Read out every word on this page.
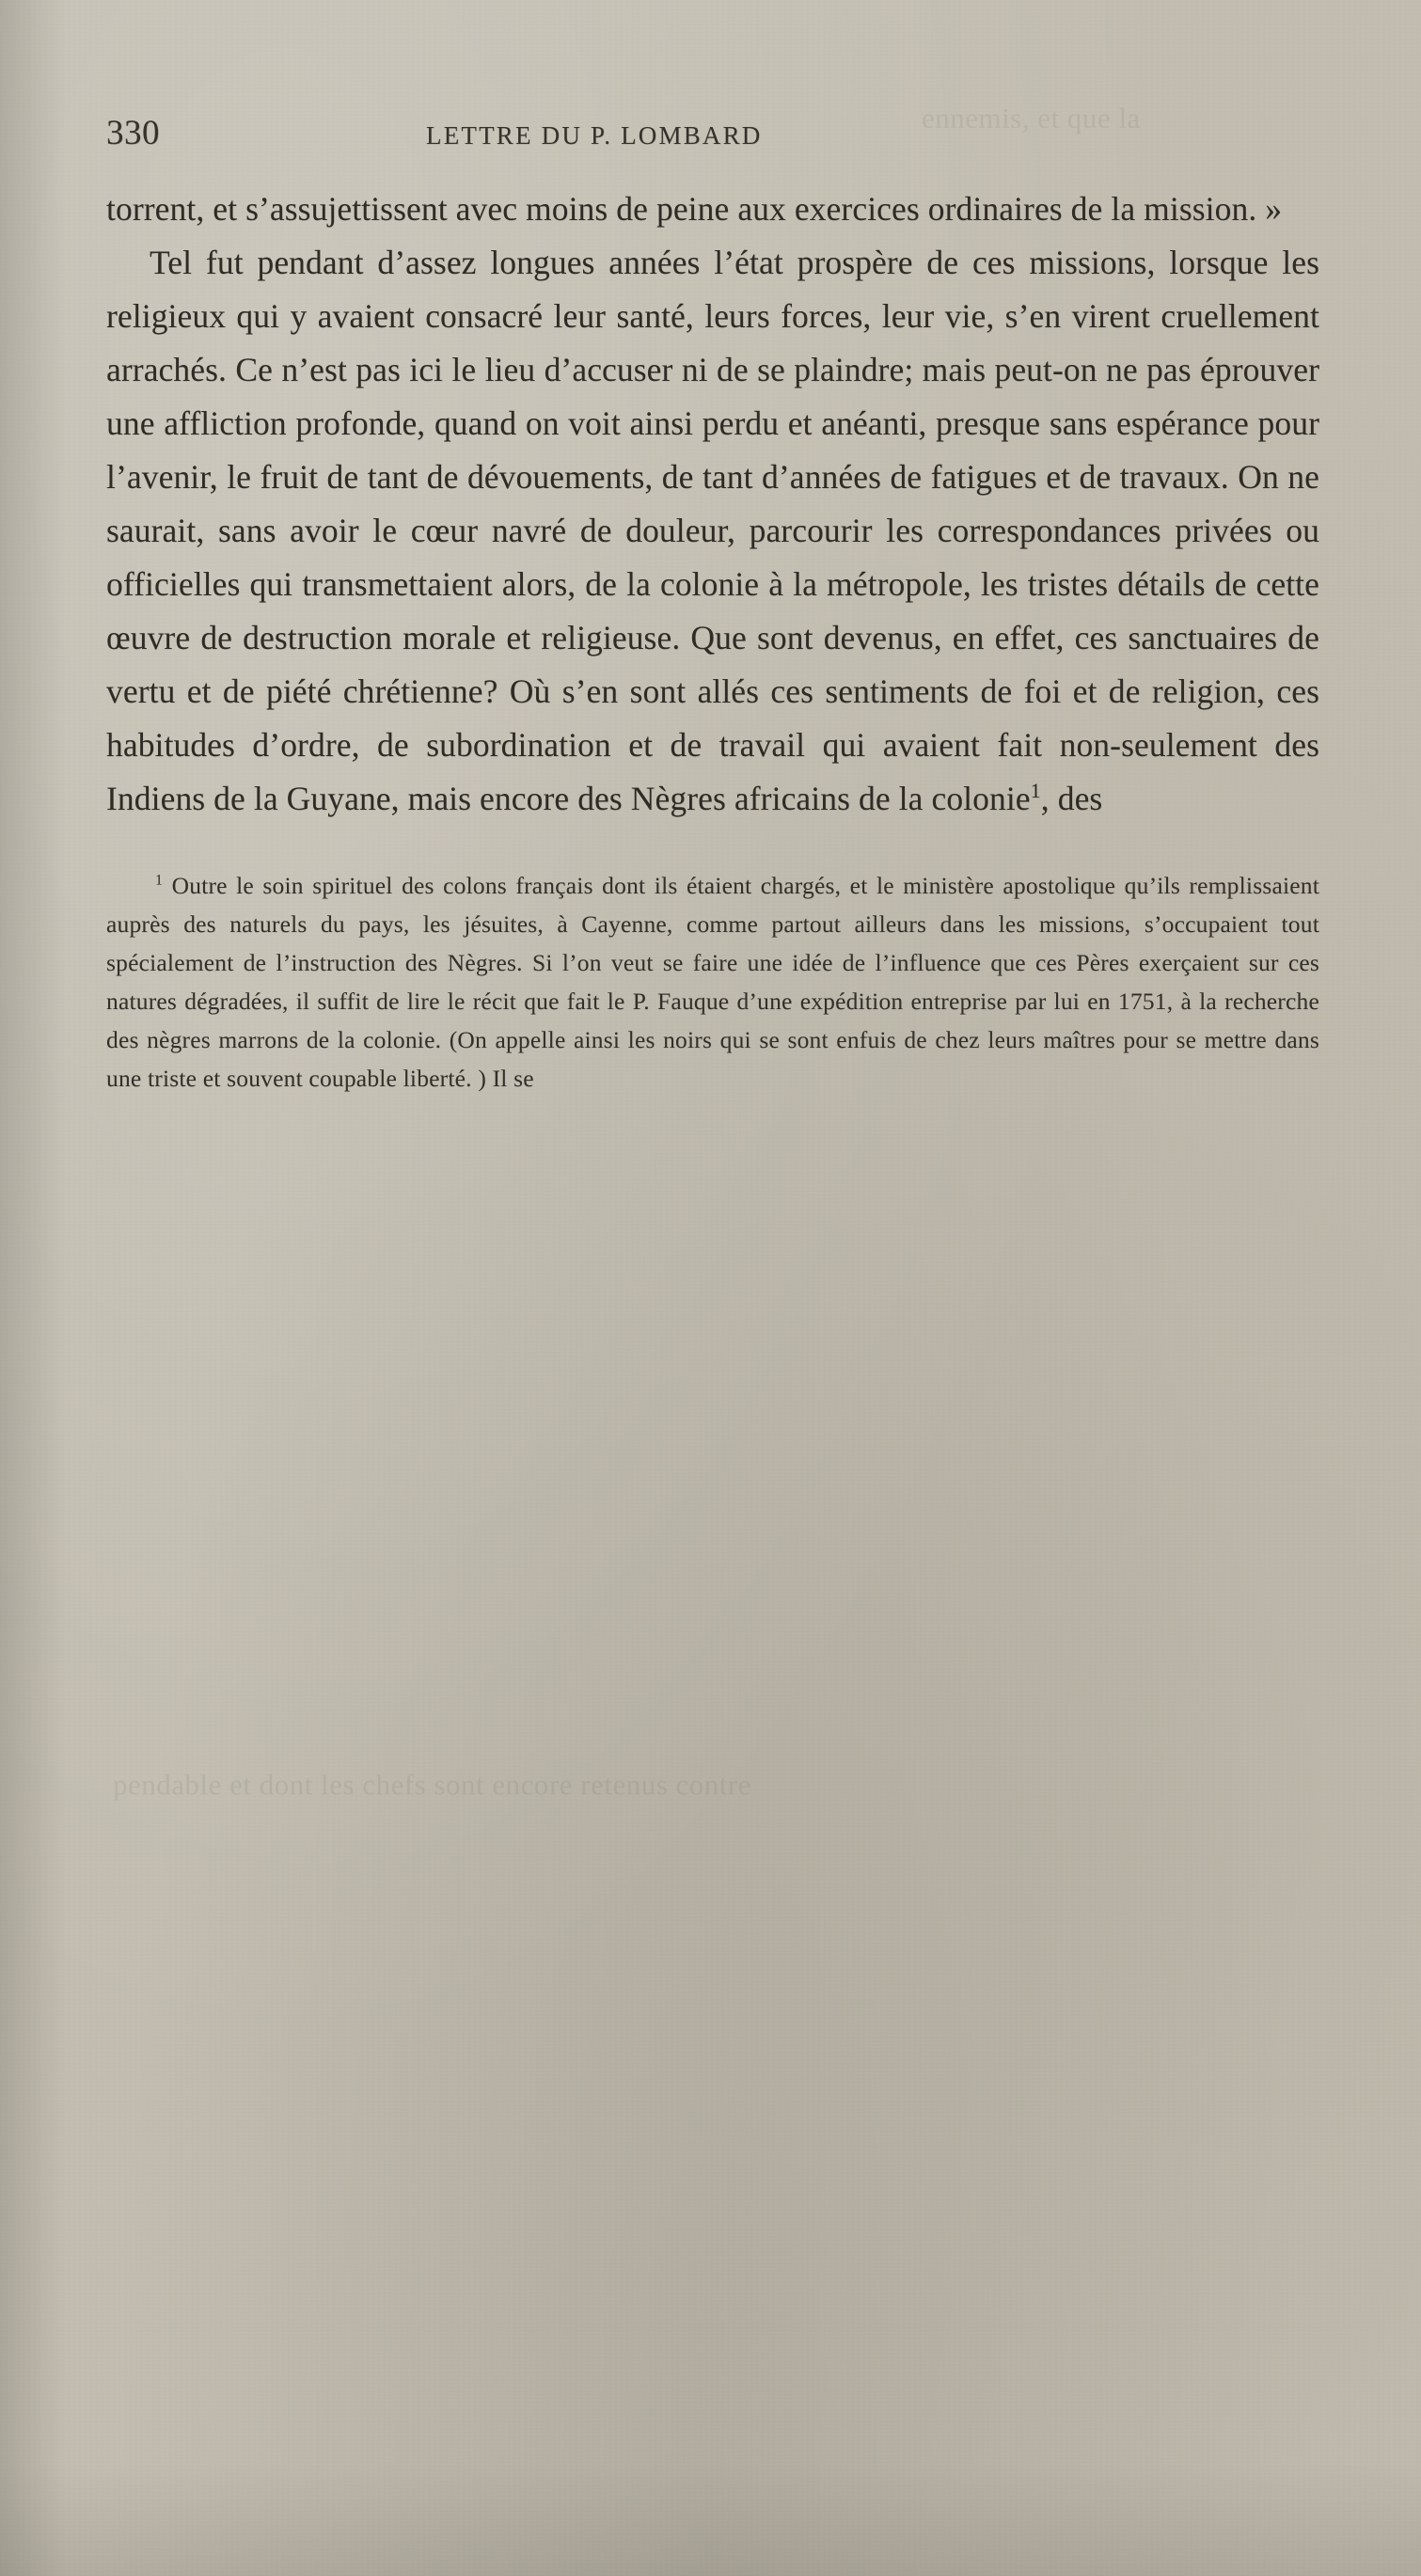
ennemis, et que la
pendable et dont les chefs sont encore retenus contre
330	LETTRE DU P. LOMBARD

torrent, et s’assujettissent avec moins de peine aux exercices ordinaires de la mission. »

Tel fut pendant d’assez longues années l’état prospère de ces missions, lorsque les religieux qui y avaient consacré leur santé, leurs forces, leur vie, s’en virent cruellement arrachés. Ce n’est pas ici le lieu d’accuser ni de se plaindre; mais peut-on ne pas éprouver une affliction profonde, quand on voit ainsi perdu et anéanti, presque sans espérance pour l’avenir, le fruit de tant de dévouements, de tant d’années de fatigues et de travaux. On ne saurait, sans avoir le cœur navré de douleur, parcourir les correspondances privées ou officielles qui transmettaient alors, de la colonie à la métropole, les tristes détails de cette œuvre de destruction morale et religieuse. Que sont devenus, en effet, ces sanctuaires de vertu et de piété chrétienne? Où s’en sont allés ces sentiments de foi et de religion, ces habitudes d’ordre, de subordination et de travail qui avaient fait non-seulement des Indiens de la Guyane, mais encore des Nègres africains de la colonie$^1$, des

$^1$ Outre le soin spirituel des colons français dont ils étaient chargés, et le ministère apostolique qu’ils remplissaient auprès des naturels du pays, les jésuites, à Cayenne, comme partout ailleurs dans les missions, s’occupaient tout spécialement de l’instruction des Nègres. Si l’on veut se faire une idée de l’influence que ces Pères exerçaient sur ces natures dégradées, il suffit de lire le récit que fait le P. Fauque d’une expédition entreprise par lui en 1751, à la recherche des nègres marrons de la colonie. (On appelle ainsi les noirs qui se sont enfuis de chez leurs maîtres pour se mettre dans une triste et souvent coupable liberté. ) Il se
